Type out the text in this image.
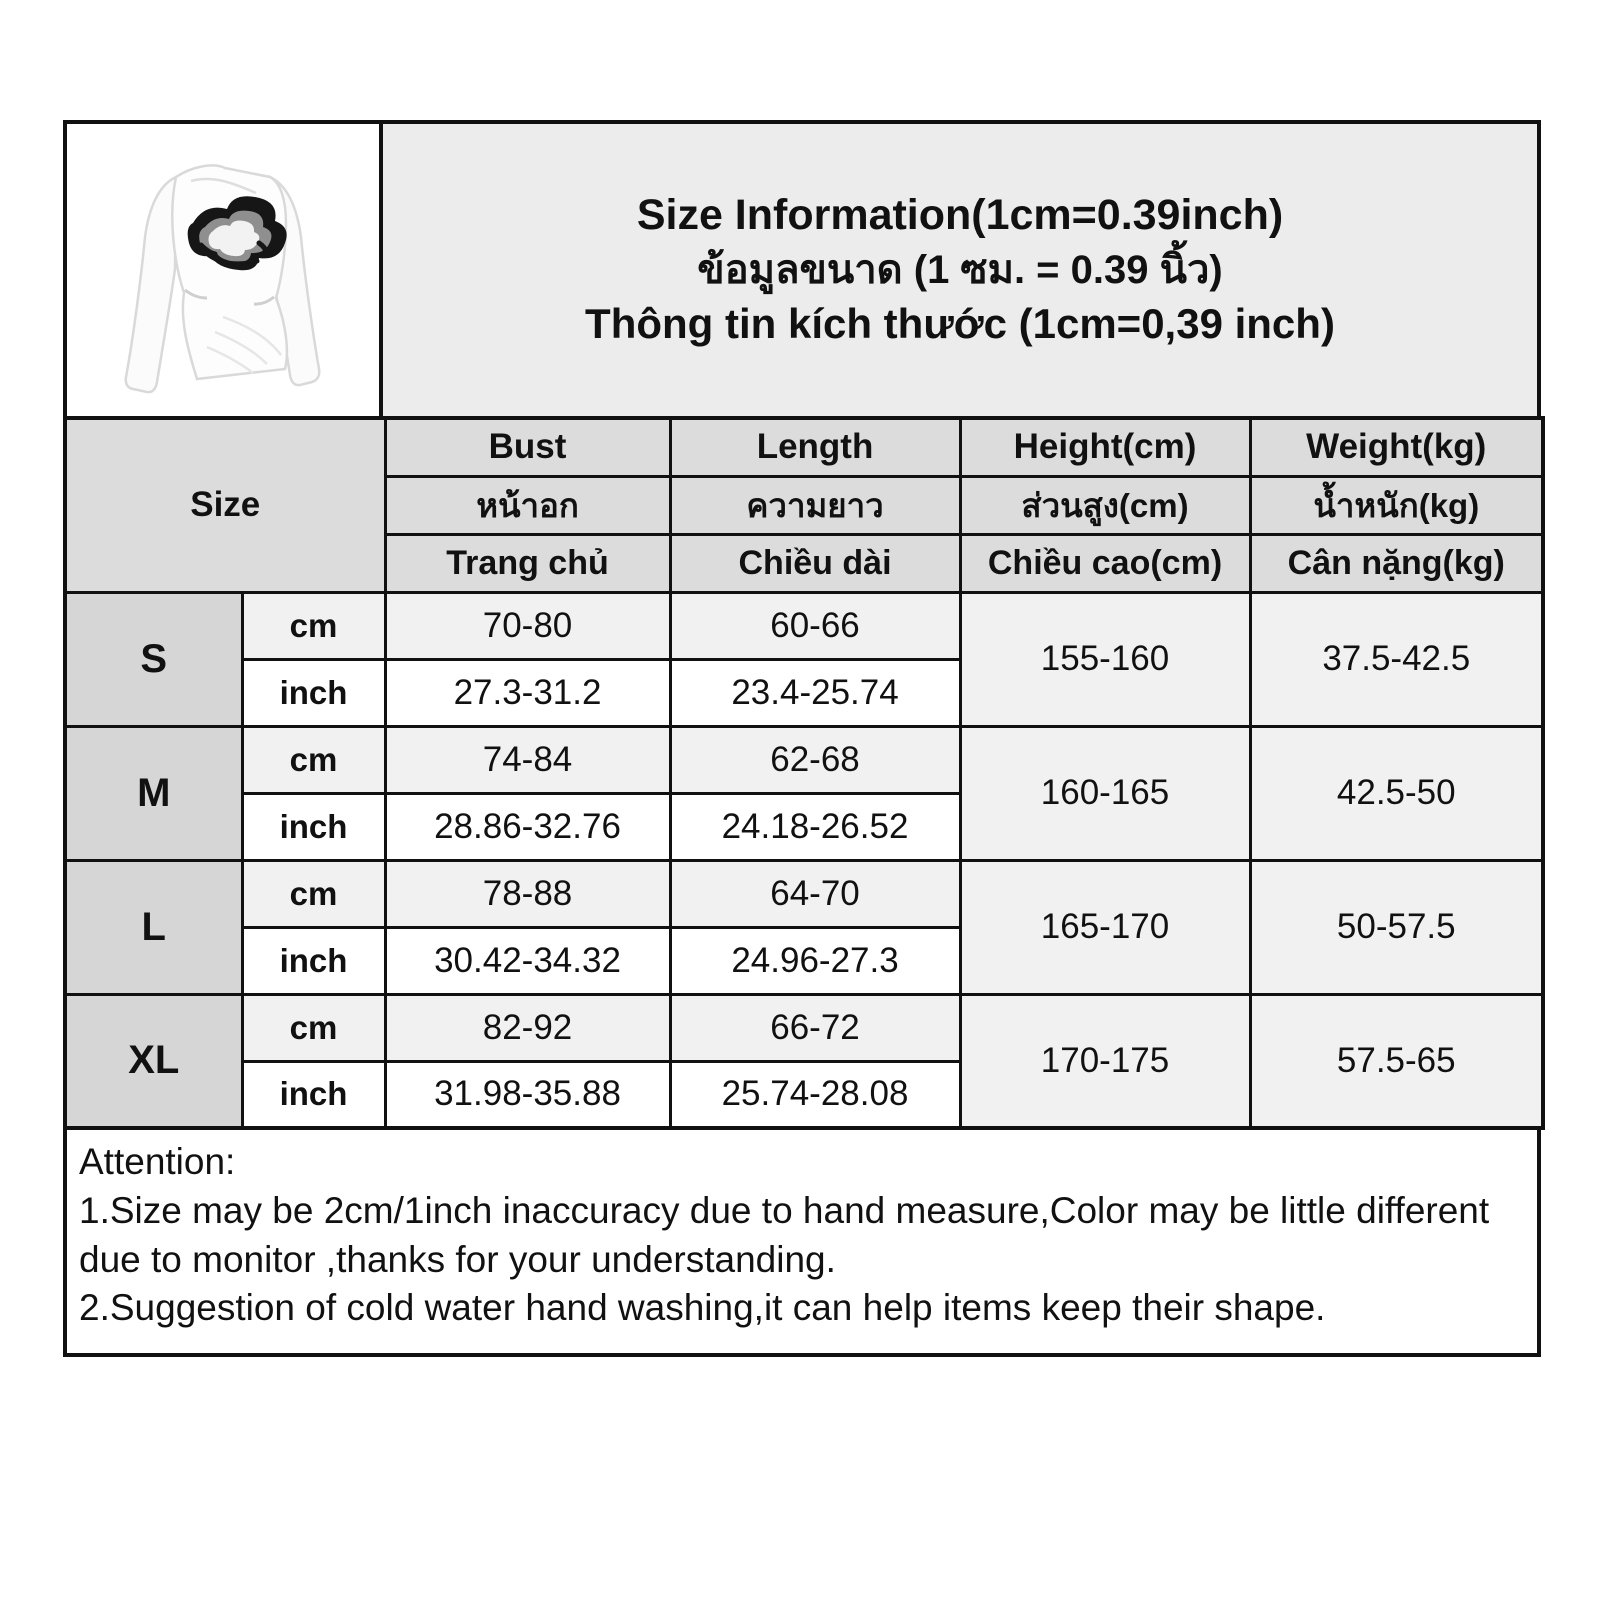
Size Information(1cm=0.39inch)
ข้อมูลขนาด (1 ซม. = 0.39 นิ้ว)
Thông tin kích thước (1cm=0,39 inch)
Size		Bust	Length	Height(cm)	Weight(kg)
		หน้าอก	ความยาว	ส่วนสูง(cm)	น้ำหนัก(kg)
		Trang chủ	Chiều dài	Chiều cao(cm)	Cân nặng(kg)
S	cm	70-80	60-66	155-160	37.5-42.5
	inch	27.3-31.2	23.4-25.74		
M	cm	74-84	62-68	160-165	42.5-50
	inch	28.86-32.76	24.18-26.52		
L	cm	78-88	64-70	165-170	50-57.5
	inch	30.42-34.32	24.96-27.3		
XL	cm	82-92	66-72	170-175	57.5-65
	inch	31.98-35.88	25.74-28.08		

Attention:

1.Size may be 2cm/1inch inaccuracy due to hand measure,Color may be little different due to monitor ,thanks for your understanding.

2.Suggestion of cold water hand washing,it can help items keep their shape.
